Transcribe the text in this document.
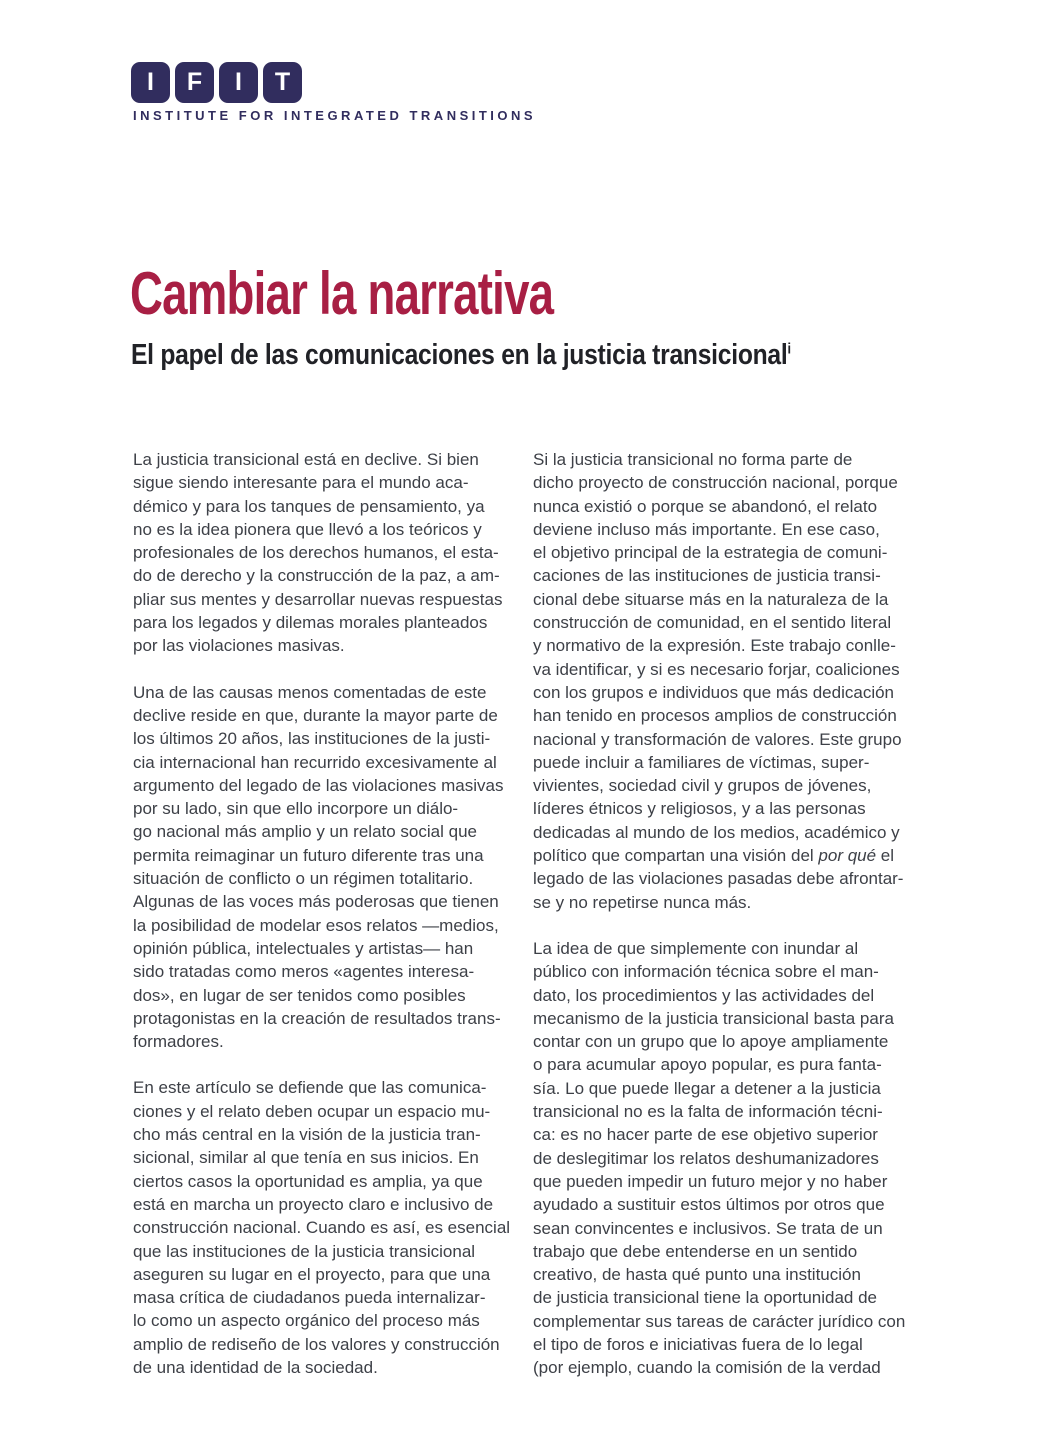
I F I T
INSTITUTE FOR INTEGRATED TRANSITIONS
Cambiar la narrativa
El papel de las comunicaciones en la justicia transicional$^i$
La justicia transicional está en declive. Si bien
sigue siendo interesante para el mundo aca-
démico y para los tanques de pensamiento, ya
no es la idea pionera que llevó a los teóricos y
profesionales de los derechos humanos, el esta-
do de derecho y la construcción de la paz, a am-
pliar sus mentes y desarrollar nuevas respuestas
para los legados y dilemas morales planteados
por las violaciones masivas.
Una de las causas menos comentadas de este
declive reside en que, durante la mayor parte de
los últimos 20 años, las instituciones de la justi-
cia internacional han recurrido excesivamente al
argumento del legado de las violaciones masivas
por su lado, sin que ello incorpore un diálo-
go nacional más amplio y un relato social que
permita reimaginar un futuro diferente tras una
situación de conflicto o un régimen totalitario.
Algunas de las voces más poderosas que tienen
la posibilidad de modelar esos relatos —medios,
opinión pública, intelectuales y artistas— han
sido tratadas como meros «agentes interesa-
dos», en lugar de ser tenidos como posibles
protagonistas en la creación de resultados trans-
formadores.
En este artículo se defiende que las comunica-
ciones y el relato deben ocupar un espacio mu-
cho más central en la visión de la justicia tran-
sicional, similar al que tenía en sus inicios. En
ciertos casos la oportunidad es amplia, ya que
está en marcha un proyecto claro e inclusivo de
construcción nacional. Cuando es así, es esencial
que las instituciones de la justicia transicional
aseguren su lugar en el proyecto, para que una
masa crítica de ciudadanos pueda internalizar-
lo como un aspecto orgánico del proceso más
amplio de rediseño de los valores y construcción
de una identidad de la sociedad.
Si la justicia transicional no forma parte de
dicho proyecto de construcción nacional, porque
nunca existió o porque se abandonó, el relato
deviene incluso más importante. En ese caso,
el objetivo principal de la estrategia de comuni-
caciones de las instituciones de justicia transi-
cional debe situarse más en la naturaleza de la
construcción de comunidad, en el sentido literal
y normativo de la expresión. Este trabajo conlle-
va identificar, y si es necesario forjar, coaliciones
con los grupos e individuos que más dedicación
han tenido en procesos amplios de construcción
nacional y transformación de valores. Este grupo
puede incluir a familiares de víctimas, super-
vivientes, sociedad civil y grupos de jóvenes,
líderes étnicos y religiosos, y a las personas
dedicadas al mundo de los medios, académico y
político que compartan una visión del por qué el
legado de las violaciones pasadas debe afrontar-
se y no repetirse nunca más.
La idea de que simplemente con inundar al
público con información técnica sobre el man-
dato, los procedimientos y las actividades del
mecanismo de la justicia transicional basta para
contar con un grupo que lo apoye ampliamente
o para acumular apoyo popular, es pura fanta-
sía. Lo que puede llegar a detener a la justicia
transicional no es la falta de información técni-
ca: es no hacer parte de ese objetivo superior
de deslegitimar los relatos deshumanizadores
que pueden impedir un futuro mejor y no haber
ayudado a sustituir estos últimos por otros que
sean convincentes e inclusivos. Se trata de un
trabajo que debe entenderse en un sentido
creativo, de hasta qué punto una institución
de justicia transicional tiene la oportunidad de
complementar sus tareas de carácter jurídico con
el tipo de foros e iniciativas fuera de lo legal
(por ejemplo, cuando la comisión de la verdad
